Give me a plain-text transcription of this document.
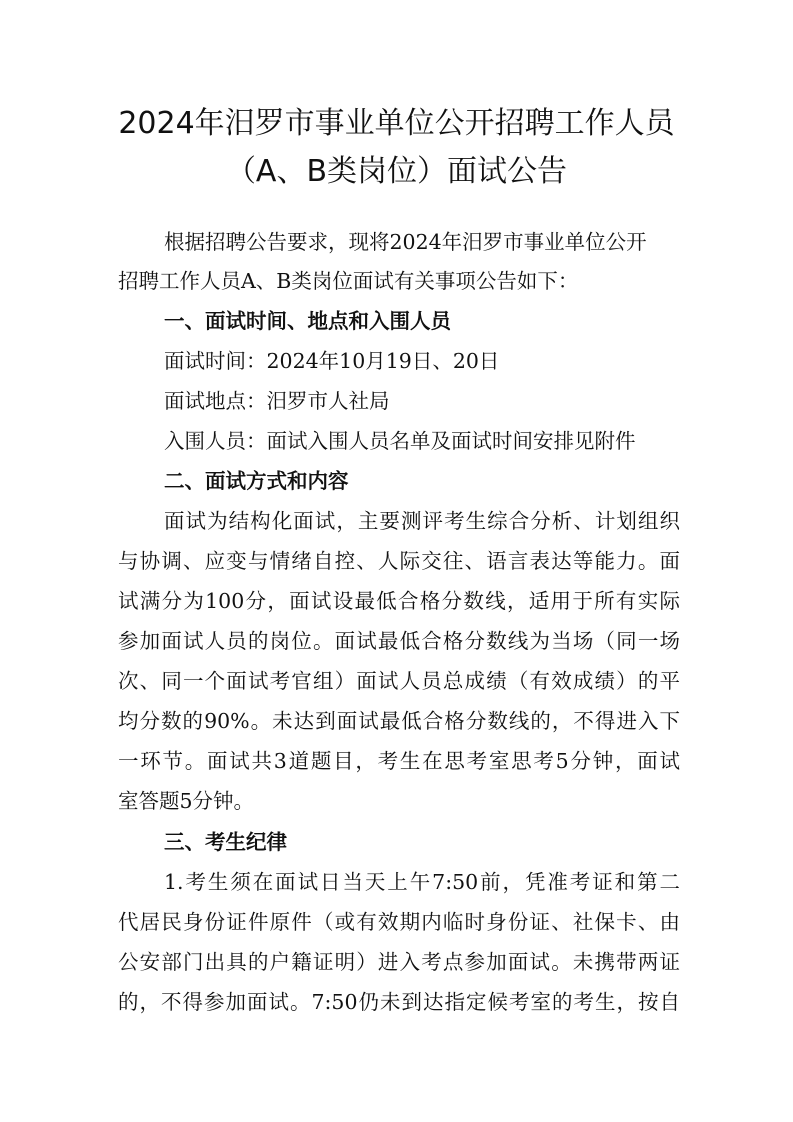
2024年汨罗市事业单位公开招聘工作人员
（A、B类岗位）面试公告
根据招聘公告要求，现将2024年汨罗市事业单位公开
招聘工作人员A、B类岗位面试有关事项公告如下：
一、面试时间、地点和入围人员
面试时间：2024年10月19日、20日
面试地点：汨罗市人社局
入围人员：面试入围人员名单及面试时间安排见附件
二、面试方式和内容
面试为结构化面试，主要测评考生综合分析、计划组织
与协调、应变与情绪自控、人际交往、语言表达等能力。面
试满分为100分，面试设最低合格分数线，适用于所有实际
参加面试人员的岗位。面试最低合格分数线为当场（同一场
次、同一个面试考官组）面试人员总成绩（有效成绩）的平
均分数的90%。未达到面试最低合格分数线的，不得进入下
一环节。面试共3道题目，考生在思考室思考5分钟，面试
室答题5分钟。
三、考生纪律
1.考生须在面试日当天上午7:50前，凭准考证和第二
代居民身份证件原件（或有效期内临时身份证、社保卡、由
公安部门出具的户籍证明）进入考点参加面试。未携带两证
的，不得参加面试。7:50仍未到达指定候考室的考生，按自
